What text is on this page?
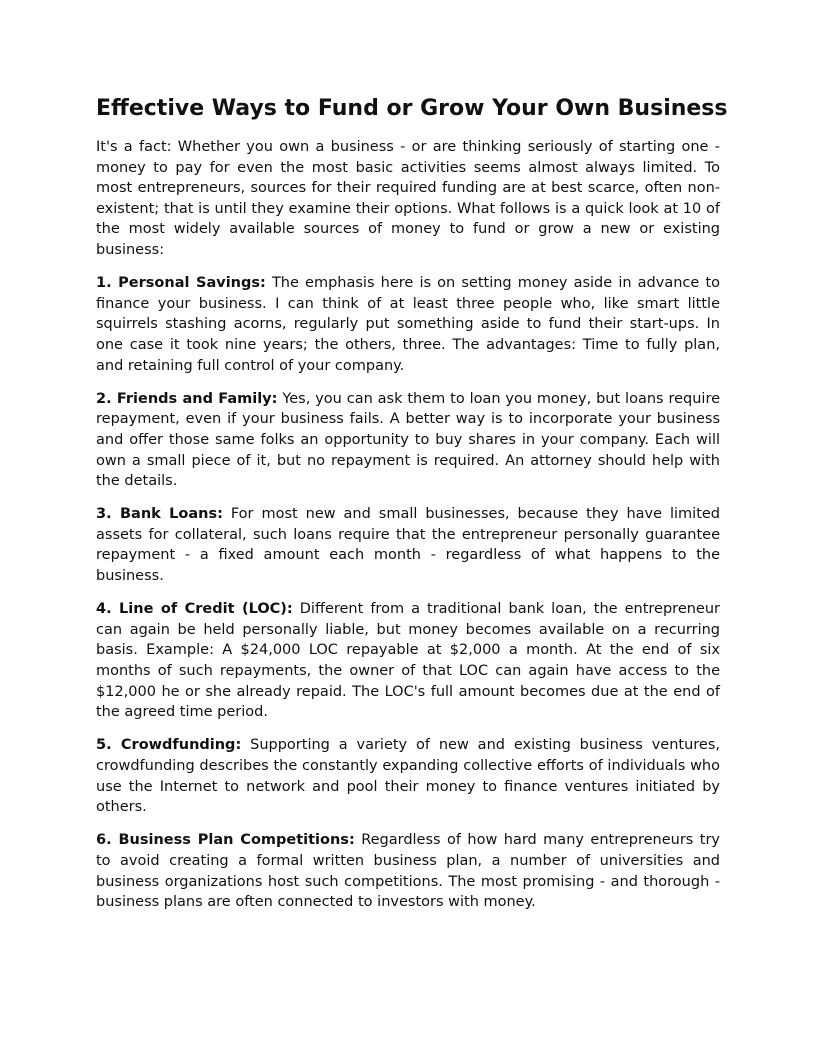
Effective Ways to Fund or Grow Your Own Business

It's a fact: Whether you own a business - or are thinking seriously of starting one - money to pay for even the most basic activities seems almost always limited. To most entrepreneurs, sources for their required funding are at best scarce, often non-existent; that is until they examine their options. What follows is a quick look at 10 of the most widely available sources of money to fund or grow a new or existing business:

1. Personal Savings: The emphasis here is on setting money aside in advance to finance your business. I can think of at least three people who, like smart little squirrels stashing acorns, regularly put something aside to fund their start-ups. In one case it took nine years; the others, three. The advantages: Time to fully plan, and retaining full control of your company.

2. Friends and Family: Yes, you can ask them to loan you money, but loans require repayment, even if your business fails. A better way is to incorporate your business and offer those same folks an opportunity to buy shares in your company. Each will own a small piece of it, but no repayment is required. An attorney should help with the details.

3. Bank Loans: For most new and small businesses, because they have limited assets for collateral, such loans require that the entrepreneur personally guarantee repayment - a fixed amount each month - regardless of what happens to the business.

4. Line of Credit (LOC): Different from a traditional bank loan, the entrepreneur can again be held personally liable, but money becomes available on a recurring basis. Example: A $24,000 LOC repayable at $2,000 a month. At the end of six months of such repayments, the owner of that LOC can again have access to the $12,000 he or she already repaid. The LOC's full amount becomes due at the end of the agreed time period.

5. Crowdfunding: Supporting a variety of new and existing business ventures, crowdfunding describes the constantly expanding collective efforts of individuals who use the Internet to network and pool their money to finance ventures initiated by others.

6. Business Plan Competitions: Regardless of how hard many entrepreneurs try to avoid creating a formal written business plan, a number of universities and business organizations host such competitions. The most promising - and thorough - business plans are often connected to investors with money.
